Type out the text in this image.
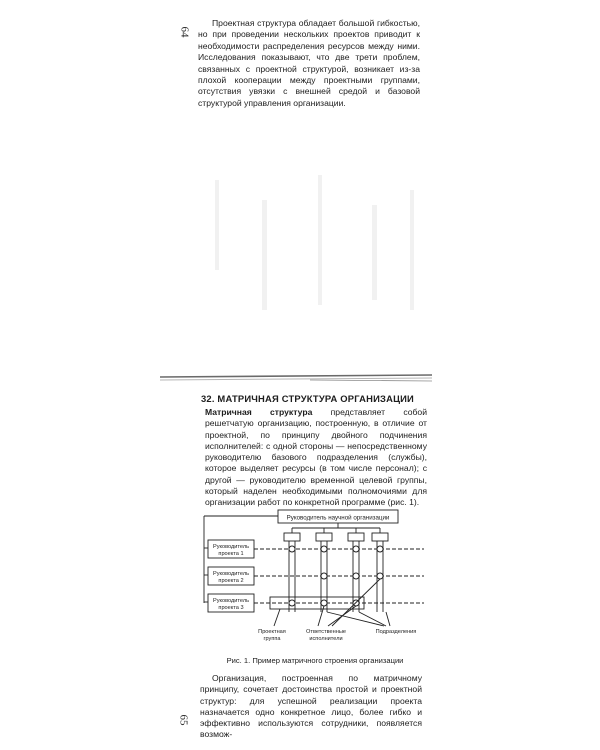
64
Проектная структура обладает большой гибкостью, но при проведении нескольких проектов приводит к необходимости распределения ресурсов между ними. Исследования показывают, что две трети проблем, связанных с проектной структурой, возникает из-за плохой кооперации между проектными группами, отсутствия увязки с внешней средой и базовой структурой управления организации.
32. МАТРИЧНАЯ СТРУКТУРА ОРГАНИЗАЦИИ
Матричная структура представляет собой решетчатую организацию, построенную, в отличие от проектной, по принципу двойного подчинения исполнителей: с одной стороны — непосредственному руководителю базового подразделения (службы), которое выделяет ресурсы (в том числе персонал); с другой — руководителю временной целевой группы, который наделен необходимыми полномочиями для организации работ по конкретной программе (рис. 1).
Руководитель научной организации
Руководитель
проекта 1
Руководитель
проекта 2
Руководитель
проекта 3
Проектная
группа
Ответственные
исполнители
Подразделения
Рис. 1. Пример матричного строения организации
Организация, построенная по матричному принципу, сочетает достоинства простой и проектной структур: для успешной реализации проекта назначается одно конкретное лицо, более гибко и эффективно используются сотрудники, появляется возмож-
65
